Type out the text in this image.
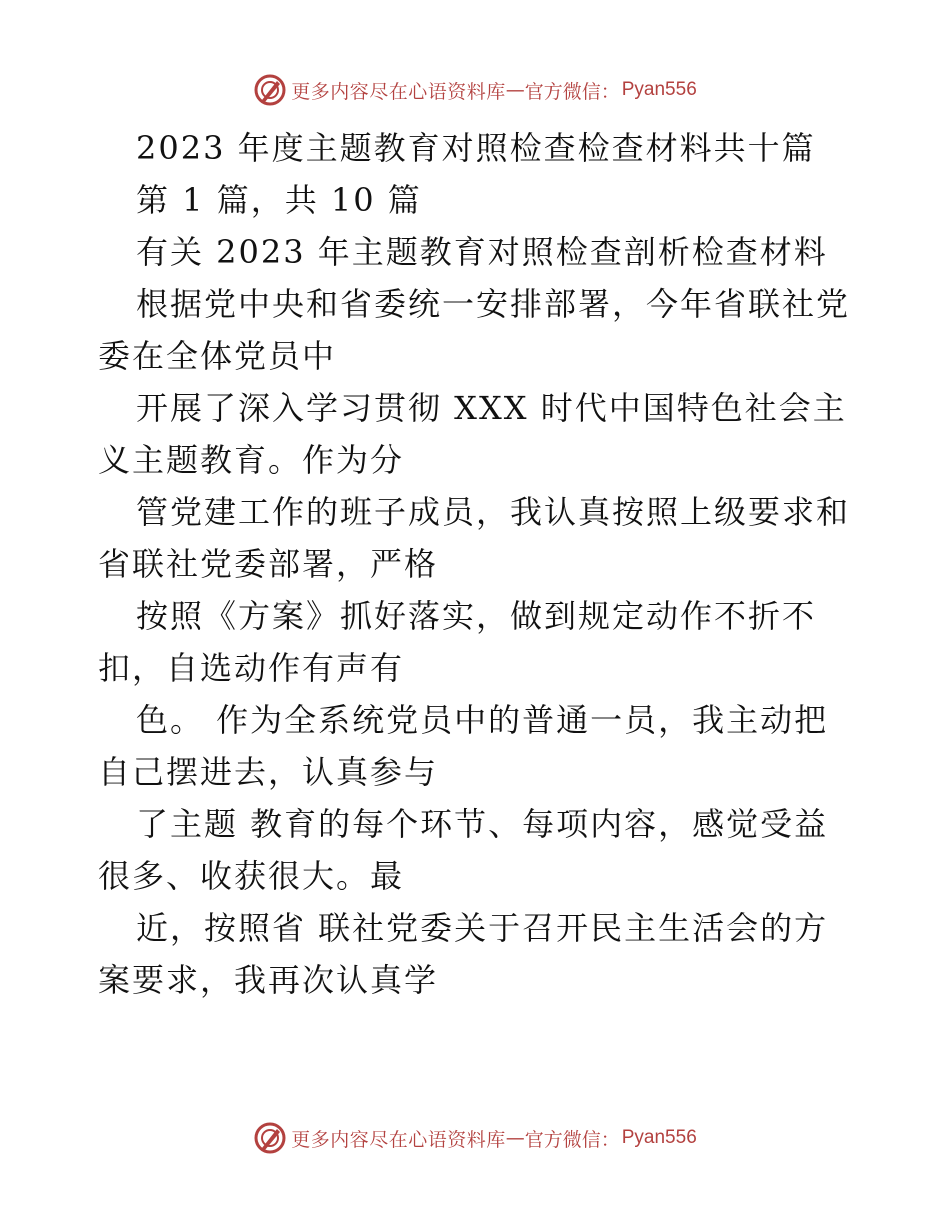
更多内容尽在心语资料库 — 官方微信： Pyan556
2023 年度主题教育对照检查检查材料共十篇
第 1 篇，共 10 篇
有关 2023 年主题教育对照检查剖析检查材料
根据党中央和省委统一安排部署，今年省联社党
委在全体党员中
开展了深入学习贯彻 XXX 时代中国特色社会主
义主题教育。作为分
管党建工作的班子成员，我认真按照上级要求和
省联社党委部署，严格
按照《方案》抓好落实，做到规定动作不折不
扣，自选动作有声有
色。 作为全系统党员中的普通一员，我主动把
自己摆进去，认真参与
了主题 教育的每个环节、每项内容，感觉受益
很多、收获很大。最
近，按照省 联社党委关于召开民主生活会的方
案要求，我再次认真学
更多内容尽在心语资料库 — 官方微信： Pyan556
